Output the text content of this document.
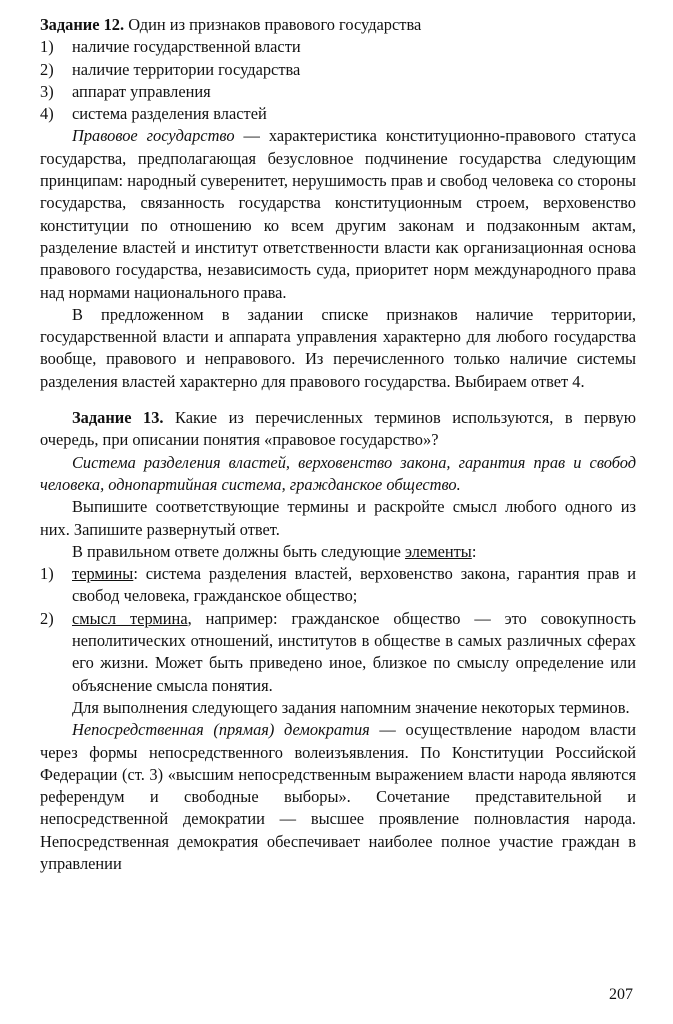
Задание 12. Один из признаков правового государства

1)	наличие государственной власти
2)	наличие территории государства
3)	аппарат управления
4)	система разделения властей

Правовое государство — характеристика конституционно-правового статуса государства, предполагающая безусловное подчинение государства следующим принципам: народный суверенитет, нерушимость прав и свобод человека со стороны государства, связанность государства конституционным строем, верховенство конституции по отношению ко всем другим законам и подзаконным актам, разделение властей и институт ответственности власти как организационная основа правового государства, независимость суда, приоритет норм международного права над нормами национального права.

В предложенном в задании списке признаков наличие территории, государственной власти и аппарата управления характерно для любого государства вообще, правового и неправового. Из перечисленного только наличие системы разделения властей характерно для правового государства. Выбираем ответ 4.

Задание 13. Какие из перечисленных терминов используются, в первую очередь, при описании понятия «правовое государство»?

Система разделения властей, верховенство закона, гарантия прав и свобод человека, однопартийная система, гражданское общество.

Выпишите соответствующие термины и раскройте смысл любого одного из них. Запишите развернутый ответ.

В правильном ответе должны быть следующие элементы:

1)	термины: система разделения властей, верховенство закона, гарантия прав и свобод человека, гражданское общество;
2)	смысл термина, например: гражданское общество — это совокупность неполитических отношений, институтов в обществе в самых различных сферах его жизни. Может быть приведено иное, близкое по смыслу определение или объяснение смысла понятия.

Для выполнения следующего задания напомним значение некоторых терминов.

Непосредственная (прямая) демократия — осуществление народом власти через формы непосредственного волеизъявления. По Конституции Российской Федерации (ст. 3) «высшим непосредственным выражением власти народа являются референдум и свободные выборы». Сочетание представительной и непосредственной демократии — высшее проявление полновластия народа. Непосредственная демократия обеспечивает наиболее полное участие граждан в управлении

207
